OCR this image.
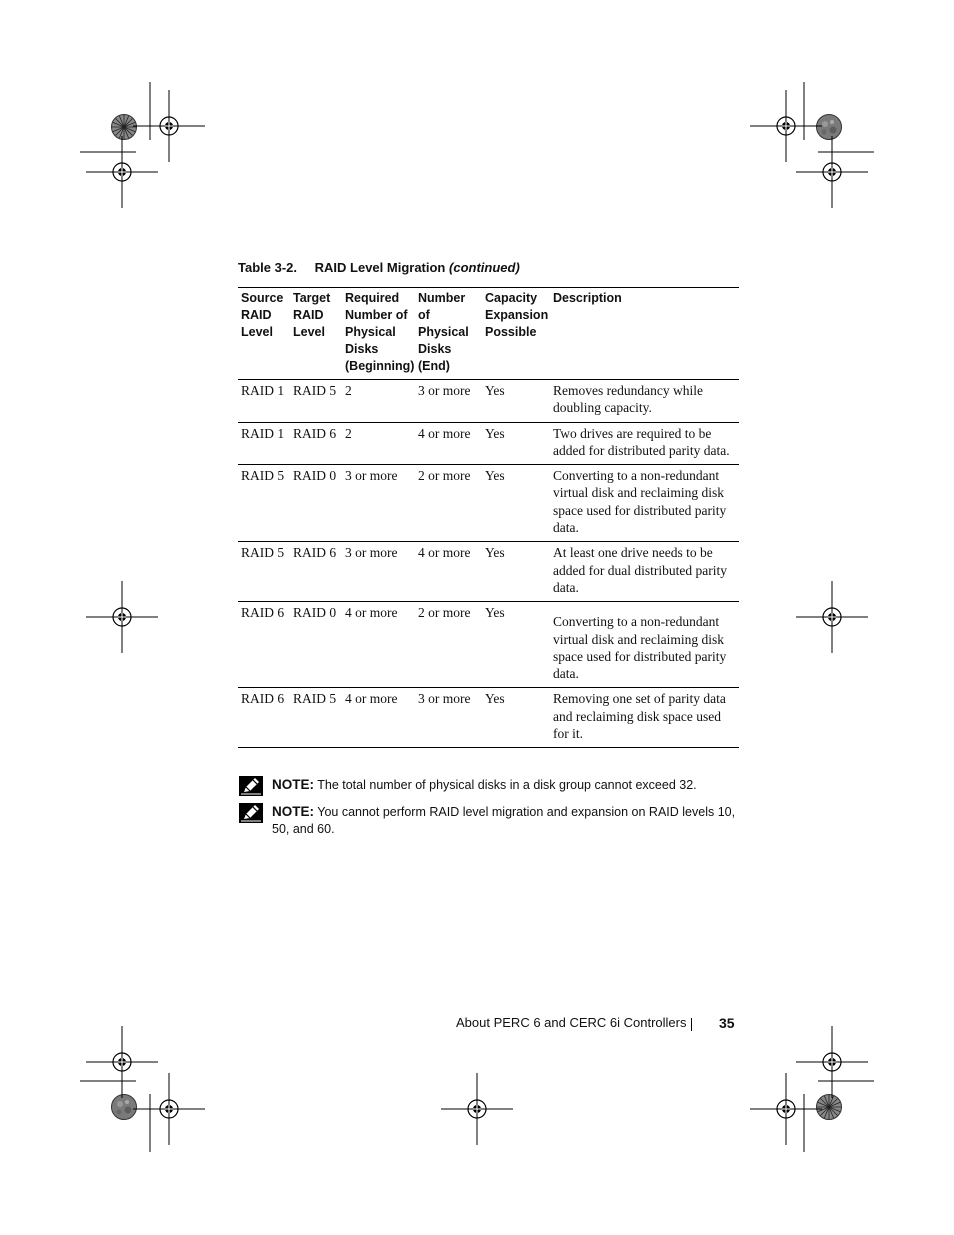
Table 3-2. RAID Level Migration (continued)
Source RAID Level	Target RAID Level	Required Number of Physical Disks (Beginning)	Number of Physical Disks (End)	Capacity Expansion Possible	Description
RAID 1	RAID 5	2	3 or more	Yes	Removes redundancy while doubling capacity.
RAID 1	RAID 6	2	4 or more	Yes	Two drives are required to be added for distributed parity data.
RAID 5	RAID 0	3 or more	2 or more	Yes	Converting to a non-redundant virtual disk and reclaiming disk space used for distributed parity data.
RAID 5	RAID 6	3 or more	4 or more	Yes	At least one drive needs to be added for dual distributed parity data.
RAID 6	RAID 0	4 or more	2 or more	Yes	Converting to a non-redundant virtual disk and reclaiming disk space used for distributed parity data.
RAID 6	RAID 5	4 or more	3 or more	Yes	Removing one set of parity data and reclaiming disk space used for it.
NOTE: The total number of physical disks in a disk group cannot exceed 32.
NOTE: You cannot perform RAID level migration and expansion on RAID levels 10, 50, and 60.
About PERC 6 and CERC 6i Controllers 35
